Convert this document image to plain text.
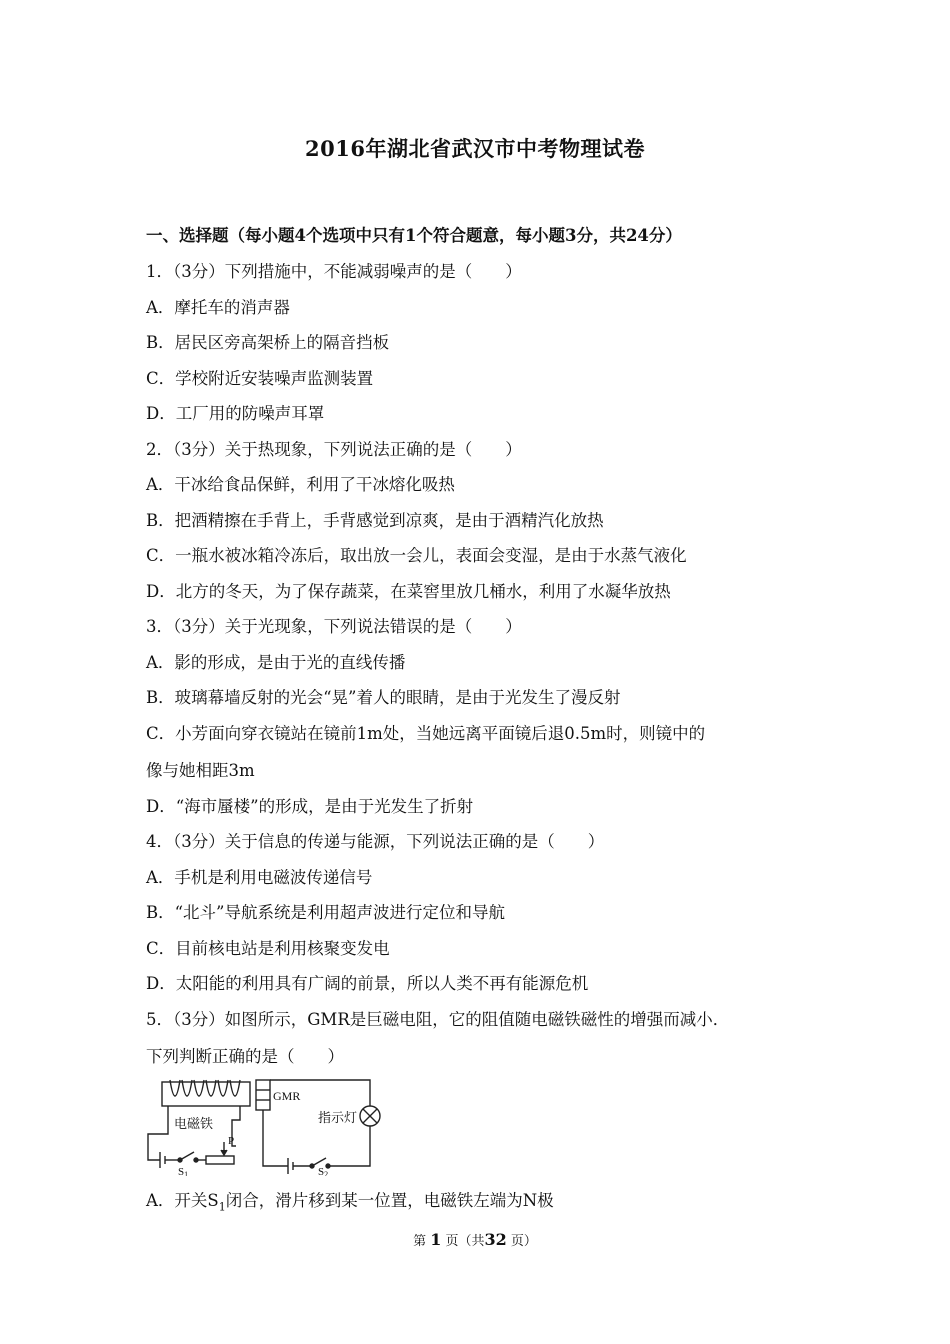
2016年湖北省武汉市中考物理试卷
一、选择题（每小题4个选项中只有1个符合题意，每小题3分，共24分）
1．（3分）下列措施中，不能减弱噪声的是（　　）
A．摩托车的消声器
B．居民区旁高架桥上的隔音挡板
C．学校附近安装噪声监测装置
D．工厂用的防噪声耳罩
2．（3分）关于热现象，下列说法正确的是（　　）
A．干冰给食品保鲜，利用了干冰熔化吸热
B．把酒精擦在手背上，手背感觉到凉爽，是由于酒精汽化放热
C．一瓶水被冰箱冷冻后，取出放一会儿，表面会变湿，是由于水蒸气液化
D．北方的冬天，为了保存蔬菜，在菜窖里放几桶水，利用了水凝华放热
3．（3分）关于光现象，下列说法错误的是（　　）
A．影的形成，是由于光的直线传播
B．玻璃幕墙反射的光会“晃”着人的眼睛，是由于光发生了漫反射
C．小芳面向穿衣镜站在镜前1m处，当她远离平面镜后退0.5m时，则镜中的
像与她相距3m
D．“海市蜃楼”的形成，是由于光发生了折射
4．（3分）关于信息的传递与能源，下列说法正确的是（　　）
A．手机是利用电磁波传递信号
B．“北斗”导航系统是利用超声波进行定位和导航
C．目前核电站是利用核聚变发电
D．太阳能的利用具有广阔的前景，所以人类不再有能源危机
5．（3分）如图所示，GMR是巨磁电阻，它的阻值随电磁铁磁性的增强而减小．
下列判断正确的是（　　）
GMR
指示灯
电磁铁
P
S1	S2
A．开关$S_1$闭合，滑片移到某一位置，电磁铁左端为N极
第 1 页（共32 页）
